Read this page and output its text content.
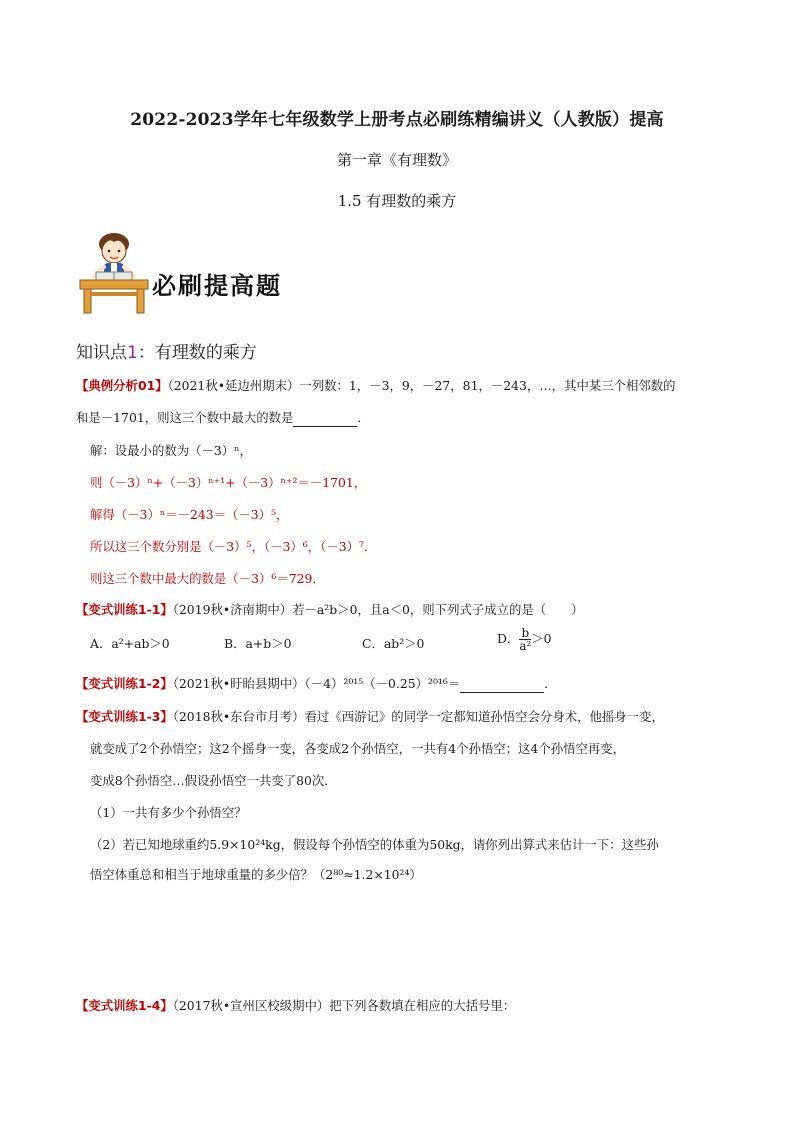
2022-2023学年七年级数学上册考点必刷练精编讲义（人教版）提高
第一章《有理数》
1.5 有理数的乘方
必刷提高题
知识点1：有理数的乘方
【典例分析01】（2021秋•延边州期末）一列数：1，－3，9，－27，81，－243，…，其中某三个相邻数的
和是－1701，则这三个数中最大的数是	．
解：设最小的数为（－3）ⁿ，
则（－3）ⁿ+（－3）ⁿ⁺¹+（－3）ⁿ⁺²＝－1701，
解得（－3）ⁿ＝－243＝（－3）⁵，
所以这三个数分别是（－3）⁵，（－3）⁶，（－3）⁷．
则这三个数中最大的数是（－3）⁶＝729．
【变式训练1-1】（2019秋•济南期中）若－a²b＞0，且a＜0，则下列式子成立的是（　　）
A．a²+ab＞0	B．a+b＞0	C．ab²＞0	D． $\frac{b}{\text{a²}} >0$
【变式训练1-2】（2021秋•盱眙县期中）（－4）²⁰¹⁵（－0.25）²⁰¹⁶＝	．
【变式训练1-3】（2018秋•东台市月考）看过《西游记》的同学一定都知道孙悟空会分身术，他摇身一变，
就变成了2个孙悟空；这2个摇身一变，各变成2个孙悟空，一共有4个孙悟空；这4个孙悟空再变，
变成8个孙悟空…假设孙悟空一共变了80次．
（1）一共有多少个孙悟空？
（2）若已知地球重约5.9×10²⁴kg，假设每个孙悟空的体重为50kg，请你列出算式来估计一下：这些孙
悟空体重总和相当于地球重量的多少倍？（2⁸⁰≈1.2×10²⁴）
【变式训练1-4】（2017秋•宣州区校级期中）把下列各数填在相应的大括号里：
